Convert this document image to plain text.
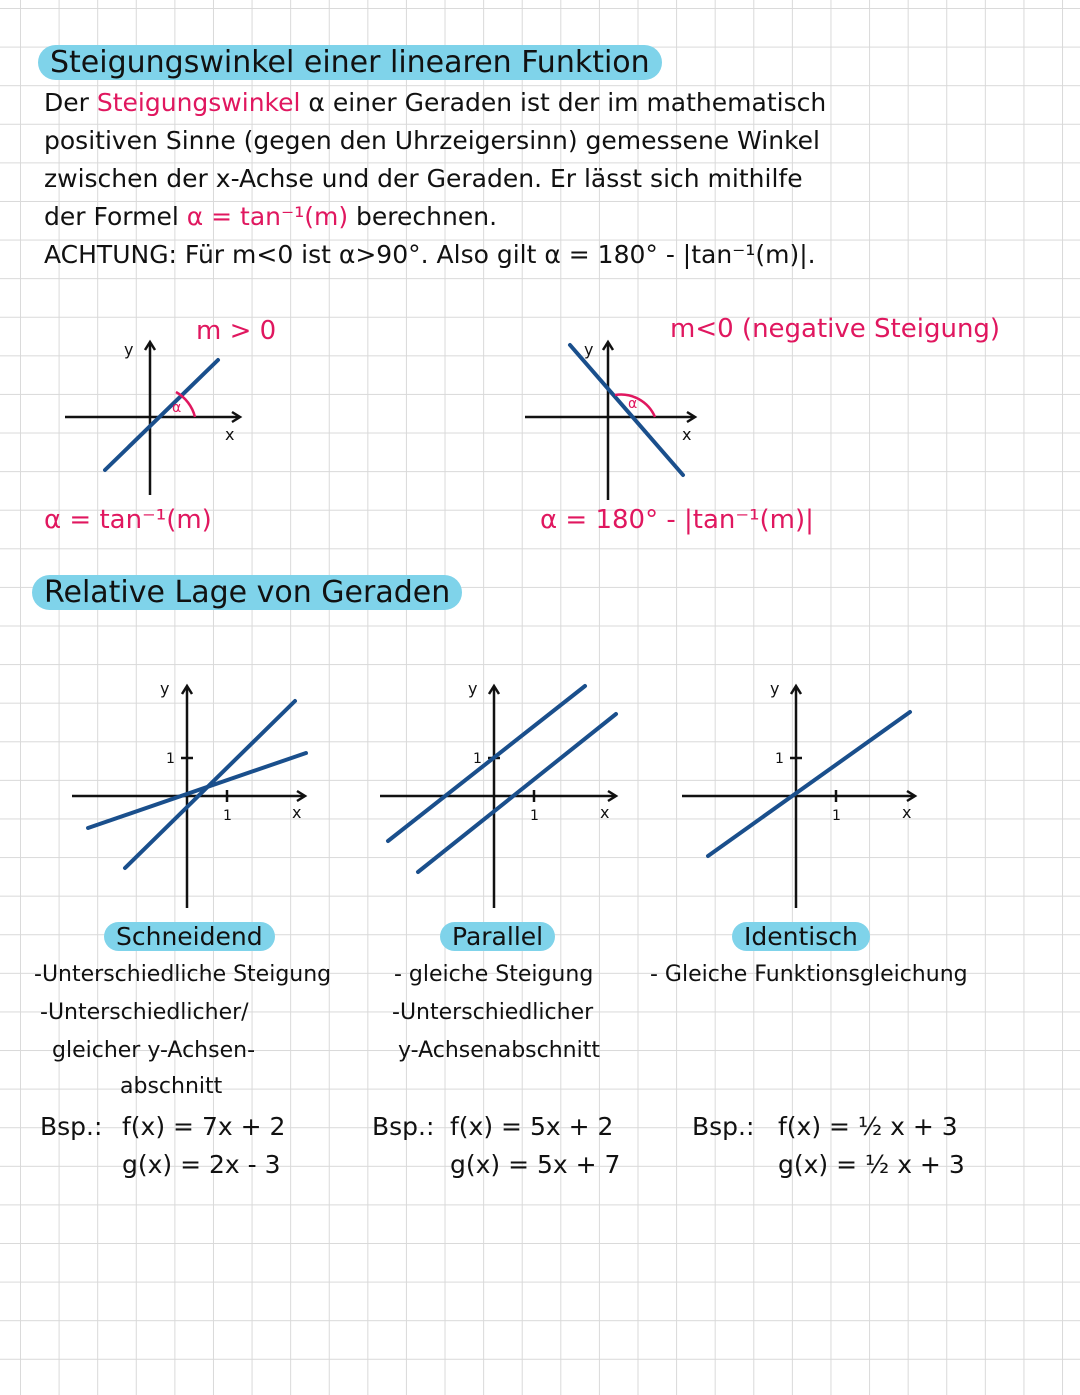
Steigungswinkel einer linearen Funktion
Der Steigungswinkel α einer Geraden ist der im mathematisch
positiven Sinne (gegen den Uhrzeigersinn) gemessene Winkel
zwischen der x-Achse und der Geraden. Er lässt sich mithilfe
der Formel α = tan⁻¹(m) berechnen.
ACHTUNG: Für m<0 ist α>90°. Also gilt α = 180° - |tan⁻¹(m)|.
m > 0
y
x
α
α = tan⁻¹(m)
m<0 (negative Steigung)
y
x
α
α = 180° - |tan⁻¹(m)|
Relative Lage von Geraden
1
1
y
x
1
1
y
x
1
1
y
x
Schneidend	Parallel	Identisch
-Unterschiedliche Steigung
-Unterschiedlicher/
gleicher y-Achsen-
abschnitt
- gleiche Steigung
-Unterschiedlicher
y-Achsenabschnitt
- Gleiche Funktionsgleichung
Bsp.: f(x) = 7x + 2
g(x) = 2x - 3
Bsp.: f(x) = 5x + 2
g(x) = 5x + 7
Bsp.: f(x) = ½ x + 3
g(x) = ½ x + 3
